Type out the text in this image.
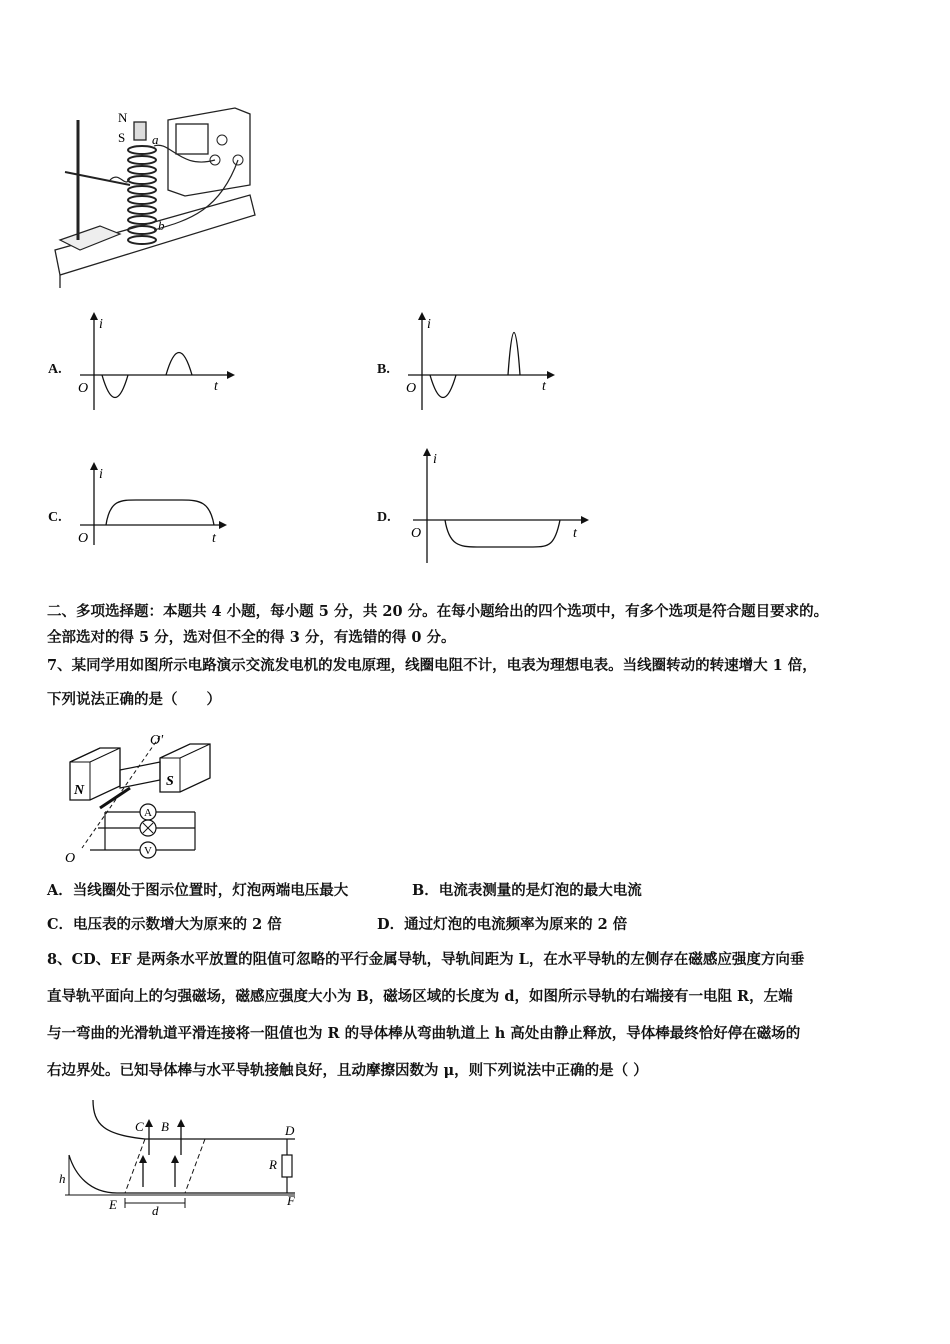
N
S a
b
A.
i
t
O
B.
i
t
O
C.
i
t
O
D.
i
t
O
二、多项选择题：本题共 4 小题，每小题 5 分，共 20 分。在每小题给出的四个选项中，有多个选项是符合题目要求的。
全部选对的得 5 分，选对但不全的得 3 分，有选错的得 0 分。
7、某同学用如图所示电路演示交流发电机的发电原理，线圈电阻不计，电表为理想电表。当线圈转动的转速增大 1 倍，
下列说法正确的是（　　）
A
V
N
S
O'
O
A．当线圈处于图示位置时，灯泡两端电压最大	B．电流表测量的是灯泡的最大电流
C．电压表的示数增大为原来的 2 倍	D．通过灯泡的电流频率为原来的 2 倍
8、CD、EF 是两条水平放置的阻值可忽略的平行金属导轨，导轨间距为 L，在水平导轨的左侧存在磁感应强度方向垂
直导轨平面向上的匀强磁场，磁感应强度大小为 B，磁场区域的长度为 d，如图所示导轨的右端接有一电阻 R，左端
与一弯曲的光滑轨道平滑连接将一阻值也为 R 的导体棒从弯曲轨道上 h 高处由静止释放，导体棒最终恰好停在磁场的
右边界处。已知导体棒与水平导轨接触良好，且动摩擦因数为 μ，则下列说法中正确的是（ ）
C B	D
R
h
E	d
F
